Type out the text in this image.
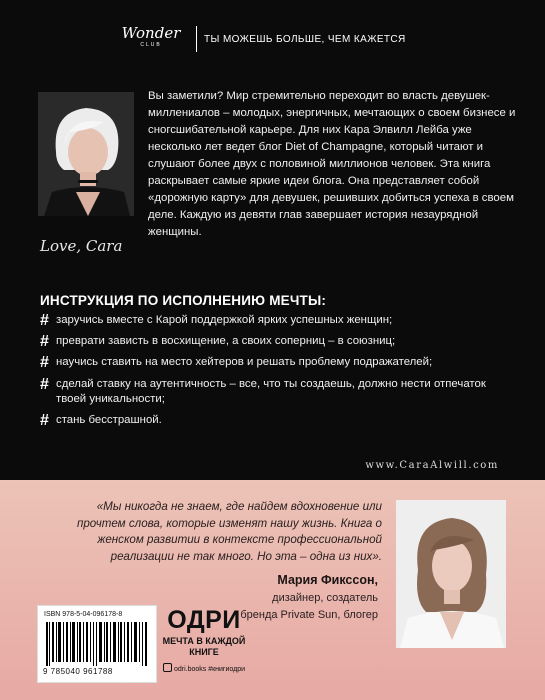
Wonder
CLUB	ТЫ МОЖЕШЬ БОЛЬШЕ, ЧЕМ КАЖЕТСЯ
Love, Cara

Вы заметили? Мир стремительно переходит во власть девушек-миллениалов – молодых, энергичных, мечтающих о своем бизнесе и сногсшибательной карьере. Для них Кара Элвилл Лейба уже несколько лет ведет блог Diet of Champagne, который читают и слушают более двух с половиной миллионов человек. Эта книга раскрывает самые яркие идеи блога. Она представляет собой «дорожную карту» для девушек, решивших добиться успеха в своем деле. Каждую из девяти глав завершает история незаурядной женщины.

ИНСТРУКЦИЯ ПО ИСПОЛНЕНИЮ МЕЧТЫ:
# заручись вместе с Карой поддержкой ярких успешных женщин;
# преврати зависть в восхищение, а своих соперниц – в союзниц;
# научись ставить на место хейтеров и решать проблему подражателей;
# сделай ставку на аутентичность – все, что ты создаешь, должно нести отпечаток твоей уникальности;
# стань бесстрашной.
www.CaraAlwill.com

«Мы никогда не знаем, где найдем вдохновение или прочтем слова, которые изменят нашу жизнь. Книга о женском развитии в контексте профессиональной реализации не так много. Но эта – одна из них».

Мария Фикссон,
дизайнер, создатель бренда Private Sun, блогер
ISBN 978-5-04-096178-8
9 785040 961788
ОДРИ
МЕЧТА В КАЖДОЙ КНИГЕ
odri.books #книгиодри
